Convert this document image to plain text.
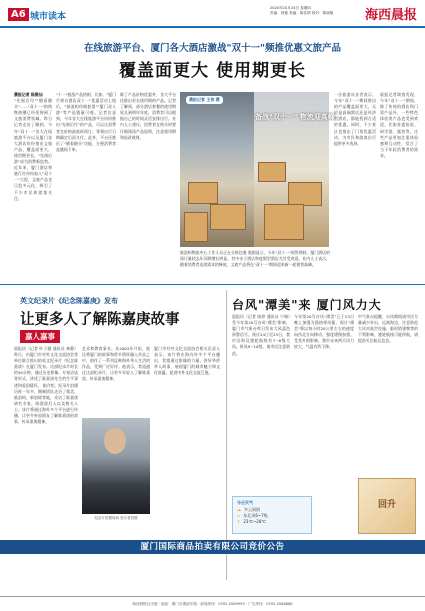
A6 城市读本
2024年10月24日 星期四
责编：林艳 美编：陈佳琪 校对：陈丽敏	海西晨报
在线旅游平台、厦门各大酒店激战"双十一"频推优惠文旅产品
覆盖面更大 使用期更长
晨报记者 陈雅仙
"先囤后付""随看随买"……"双十一"的购物热潮已经延伸到了文旅消费领域。昨日记者走访了解到，今年"双十一"各大在线旅游平台以及厦门各大酒店纷纷推出文旅产品，覆盖面更大、使用期更长，"先囤后游"成为消费新趋势。近年来，厦门酒店和旅行社纷纷加入"双十一"大促，文旅产品也日趋多元化，吸引了不少市民和游客关注。
"十一"旅游产品热销，比如，"厦门芒果台酒店双十一"优惠活动上线后，"鼓浪屿经典套票""厦门双人游"等产品销量可观。记者注意到，今年各大在线旅游平台纷纷推出"先囤后付"的产品，可以让消费者在价格最低时预订，等到出行日期确定后再支付。此外，平台还推出了"随看随买"功能，方便消费者直播间下单。
除了产品价格优惠外，各大平台还推出更长使用期的产品。记者了解到，部分酒店套餐的使用期延长到明年年底，消费者可以根据自己的时间灵活安排出行。业内人士建议，消费者在购买时要仔细阅读产品说明，注意使用期和退改规则。
晨报记者 王伟 摄
备战"双十一" 物流迎高峰
鼓浪屿物流中心工作人员正在分拣包裹 数据显示，今年"双十一"预售期间，厦门酒店的预订量较去年同期增长明显，其中亲子酒店和度假型酒店尤其受欢迎。业内人士表示，随着消费者出游需求的释放，文旅产品将在"双十一"期间迎来新一轮销售高峰。
一位旅游从业者表示，今年"双十一"期间推出的产品覆盖面更大，无论是高端酒店还是经济型酒店，都能找到合适的优惠。同时，不少景区也推出了门票优惠活动，为市民和游客出行提供更多选择。
晨报记者调查发现，今年"双十一"期间，除了传统的酒店和门票产品外，一些特色体验类产品也受到欢迎，比如非遗体验、研学游、露营等。这些产品更加注重体验感和互动性，契合了当下年轻消费者的需求。
英文纪录片《纪念陈嘉庚》发布
让更多人了解陈嘉庚故事
嘉人嘉事
晨报讯（记者 叶子涵 通讯员 林静）昨日，由厦门市对外文化交流协会等单位联合推出的英文纪录片《纪念陈嘉庚》在厦门发布。这部纪录片时长约30分钟，通过历史影像、专家访谈等形式，讲述了陈嘉庚先生的生平事迹和爱国情怀。 据介绍，纪录片拍摄历时一年多，摄制团队走访了集美、鼓浪屿、新加坡等地，采访了陈嘉庚研究专家、陈嘉庚后人以及相关人士。该片将通过海外多个平台进行传播，让更多外国朋友了解陈嘉庚的故事，传承嘉庚精神。
艺术和教育事业。从2003年开始，他还将厦门的故事和侨乡情怀融入作品之中，创作了一系列反映海外华人生活的作品，受到广泛好评。他表示，希望通过这部纪录片，让更多年轻人了解陈嘉庚，传承嘉庚精神。
厦门市对外文化交流协会相关负责人表示，该片将在海内外多个平台播出，希望通过影像的力量，讲好华侨华人故事，展现厦门的城市魅力和文化底蕴，促进中外文化交流互鉴。
纪录片拍摄现场 受访者供图
台风"潭美"来 厦门风力大
晨报讯（记者 陈婷 通讯员 宁瑞）受今年第20号台风"潭美"影响，厦门市气象台昨日发布大风蓝色预警信号。预计24日至25日，我市沿海及渡轮航线有7~8级大风，阵风9~10级，请市民注意防范。
今年第20号台风"潭美"已于23日晚上加强为强热带风暴。预计"潭美"将以每小时20公里左右的速度向西北方向移动，强度缓慢加强。受其外围影响，我市未来两天风力较大，气温有所下降。
市气象台提醒，台风期间请市民尽量减少外出，远离海边，注意防范大风对高空设施、临时搭建物等的不利影响，渡轮航线可能停航，请提前关注航运信息。
今日天气
☁ 多云到阴
≈ 东北风6~7级
↕ 23℃~28℃
回升
厦门国际商品拍卖有限公司竞价公告
海西晨报社出版 · 地址：厦门市湖滨东路 · 新闻热线：0592-5589999 · 广告热线：0592-5588888
